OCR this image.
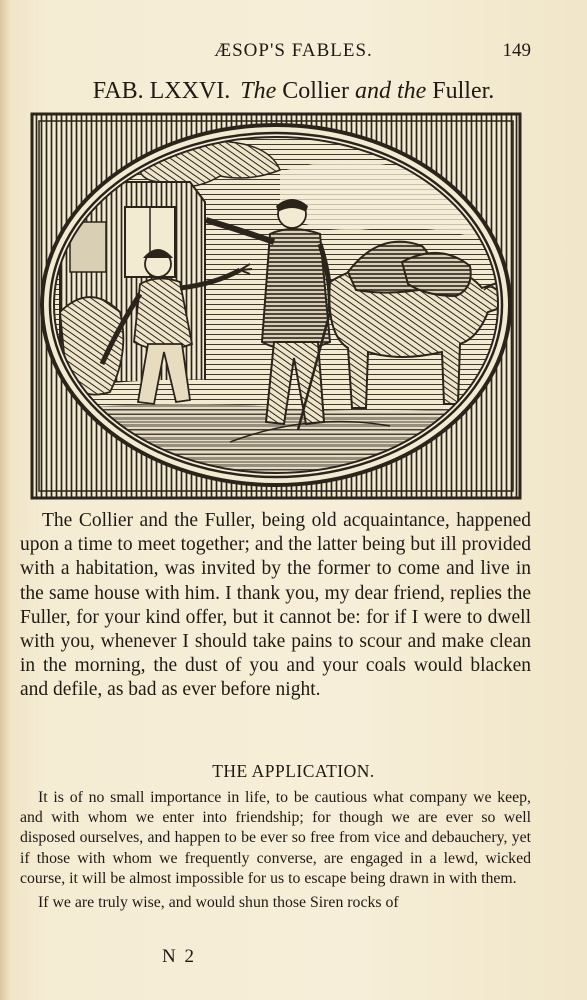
ÆSOP'S FABLES.	149
FAB. LXXVI. The Collier and the Fuller.

The Collier and the Fuller, being old acquaintance, happened upon a time to meet together; and the latter being but ill provided with a habitation, was invited by the former to come and live in the same house with him. I thank you, my dear friend, replies the Fuller, for your kind offer, but it cannot be: for if I were to dwell with you, whenever I should take pains to scour and make clean in the morning, the dust of you and your coals would blacken and defile, as bad as ever before night.

THE APPLICATION.

It is of no small importance in life, to be cautious what company we keep, and with whom we enter into friendship; for though we are ever so well disposed ourselves, and happen to be ever so free from vice and debauchery, yet if those with whom we frequently converse, are engaged in a lewd, wicked course, it will be almost impossible for us to escape being drawn in with them.

If we are truly wise, and would shun those Siren rocks of

N 2
